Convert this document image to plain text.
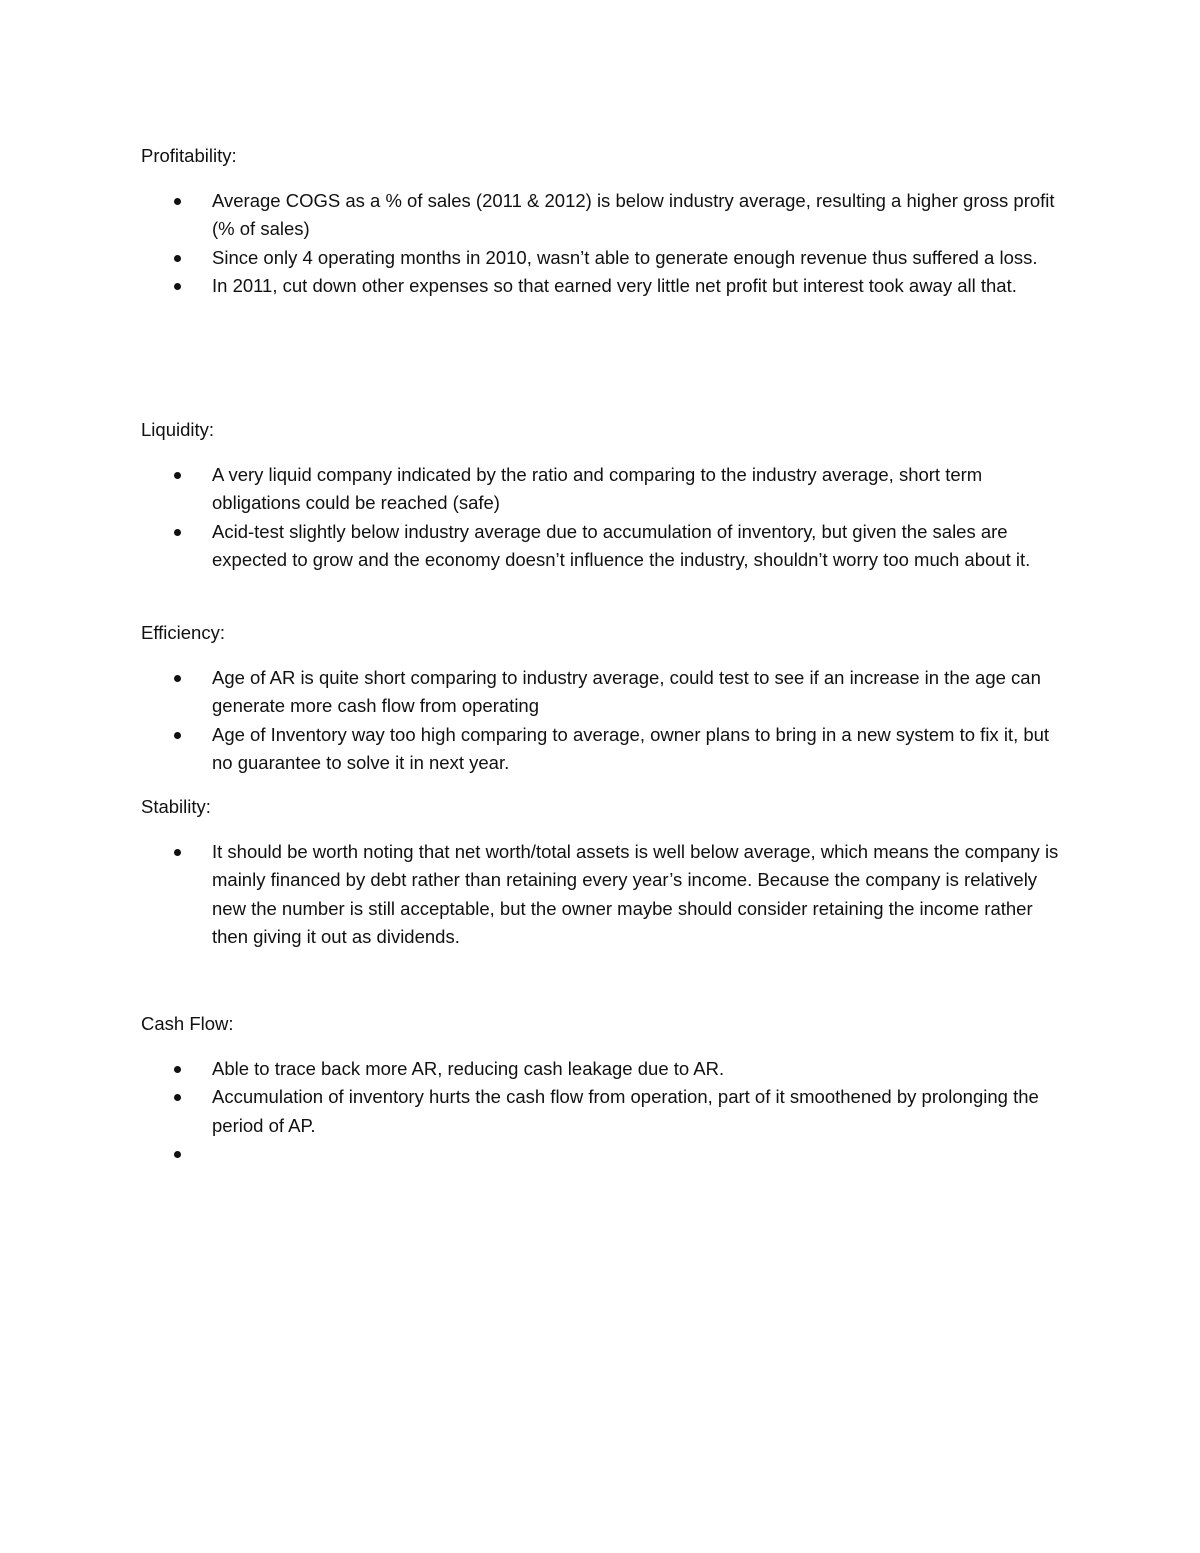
Profitability:

Average COGS as a % of sales (2011 & 2012) is below industry average, resulting a higher gross profit (% of sales)
Since only 4 operating months in 2010, wasn’t able to generate enough revenue thus suffered a loss.
In 2011, cut down other expenses so that earned very little net profit but interest took away all that.

Liquidity:

A very liquid company indicated by the ratio and comparing to the industry average, short term obligations could be reached (safe)
Acid-test slightly below industry average due to accumulation of inventory, but given the sales are expected to grow and the economy doesn’t influence the industry, shouldn’t worry too much about it.

Efficiency:

Age of AR is quite short comparing to industry average, could test to see if an increase in the age can generate more cash flow from operating
Age of Inventory way too high comparing to average, owner plans to bring in a new system to fix it, but no guarantee to solve it in next year.

Stability:

It should be worth noting that net worth/total assets is well below average, which means the company is mainly financed by debt rather than retaining every year’s income. Because the company is relatively new the number is still acceptable, but the owner maybe should consider retaining the income rather then giving it out as dividends.

Cash Flow:

Able to trace back more AR, reducing cash leakage due to AR.
Accumulation of inventory hurts the cash flow from operation, part of it smoothened by prolonging the period of AP.
